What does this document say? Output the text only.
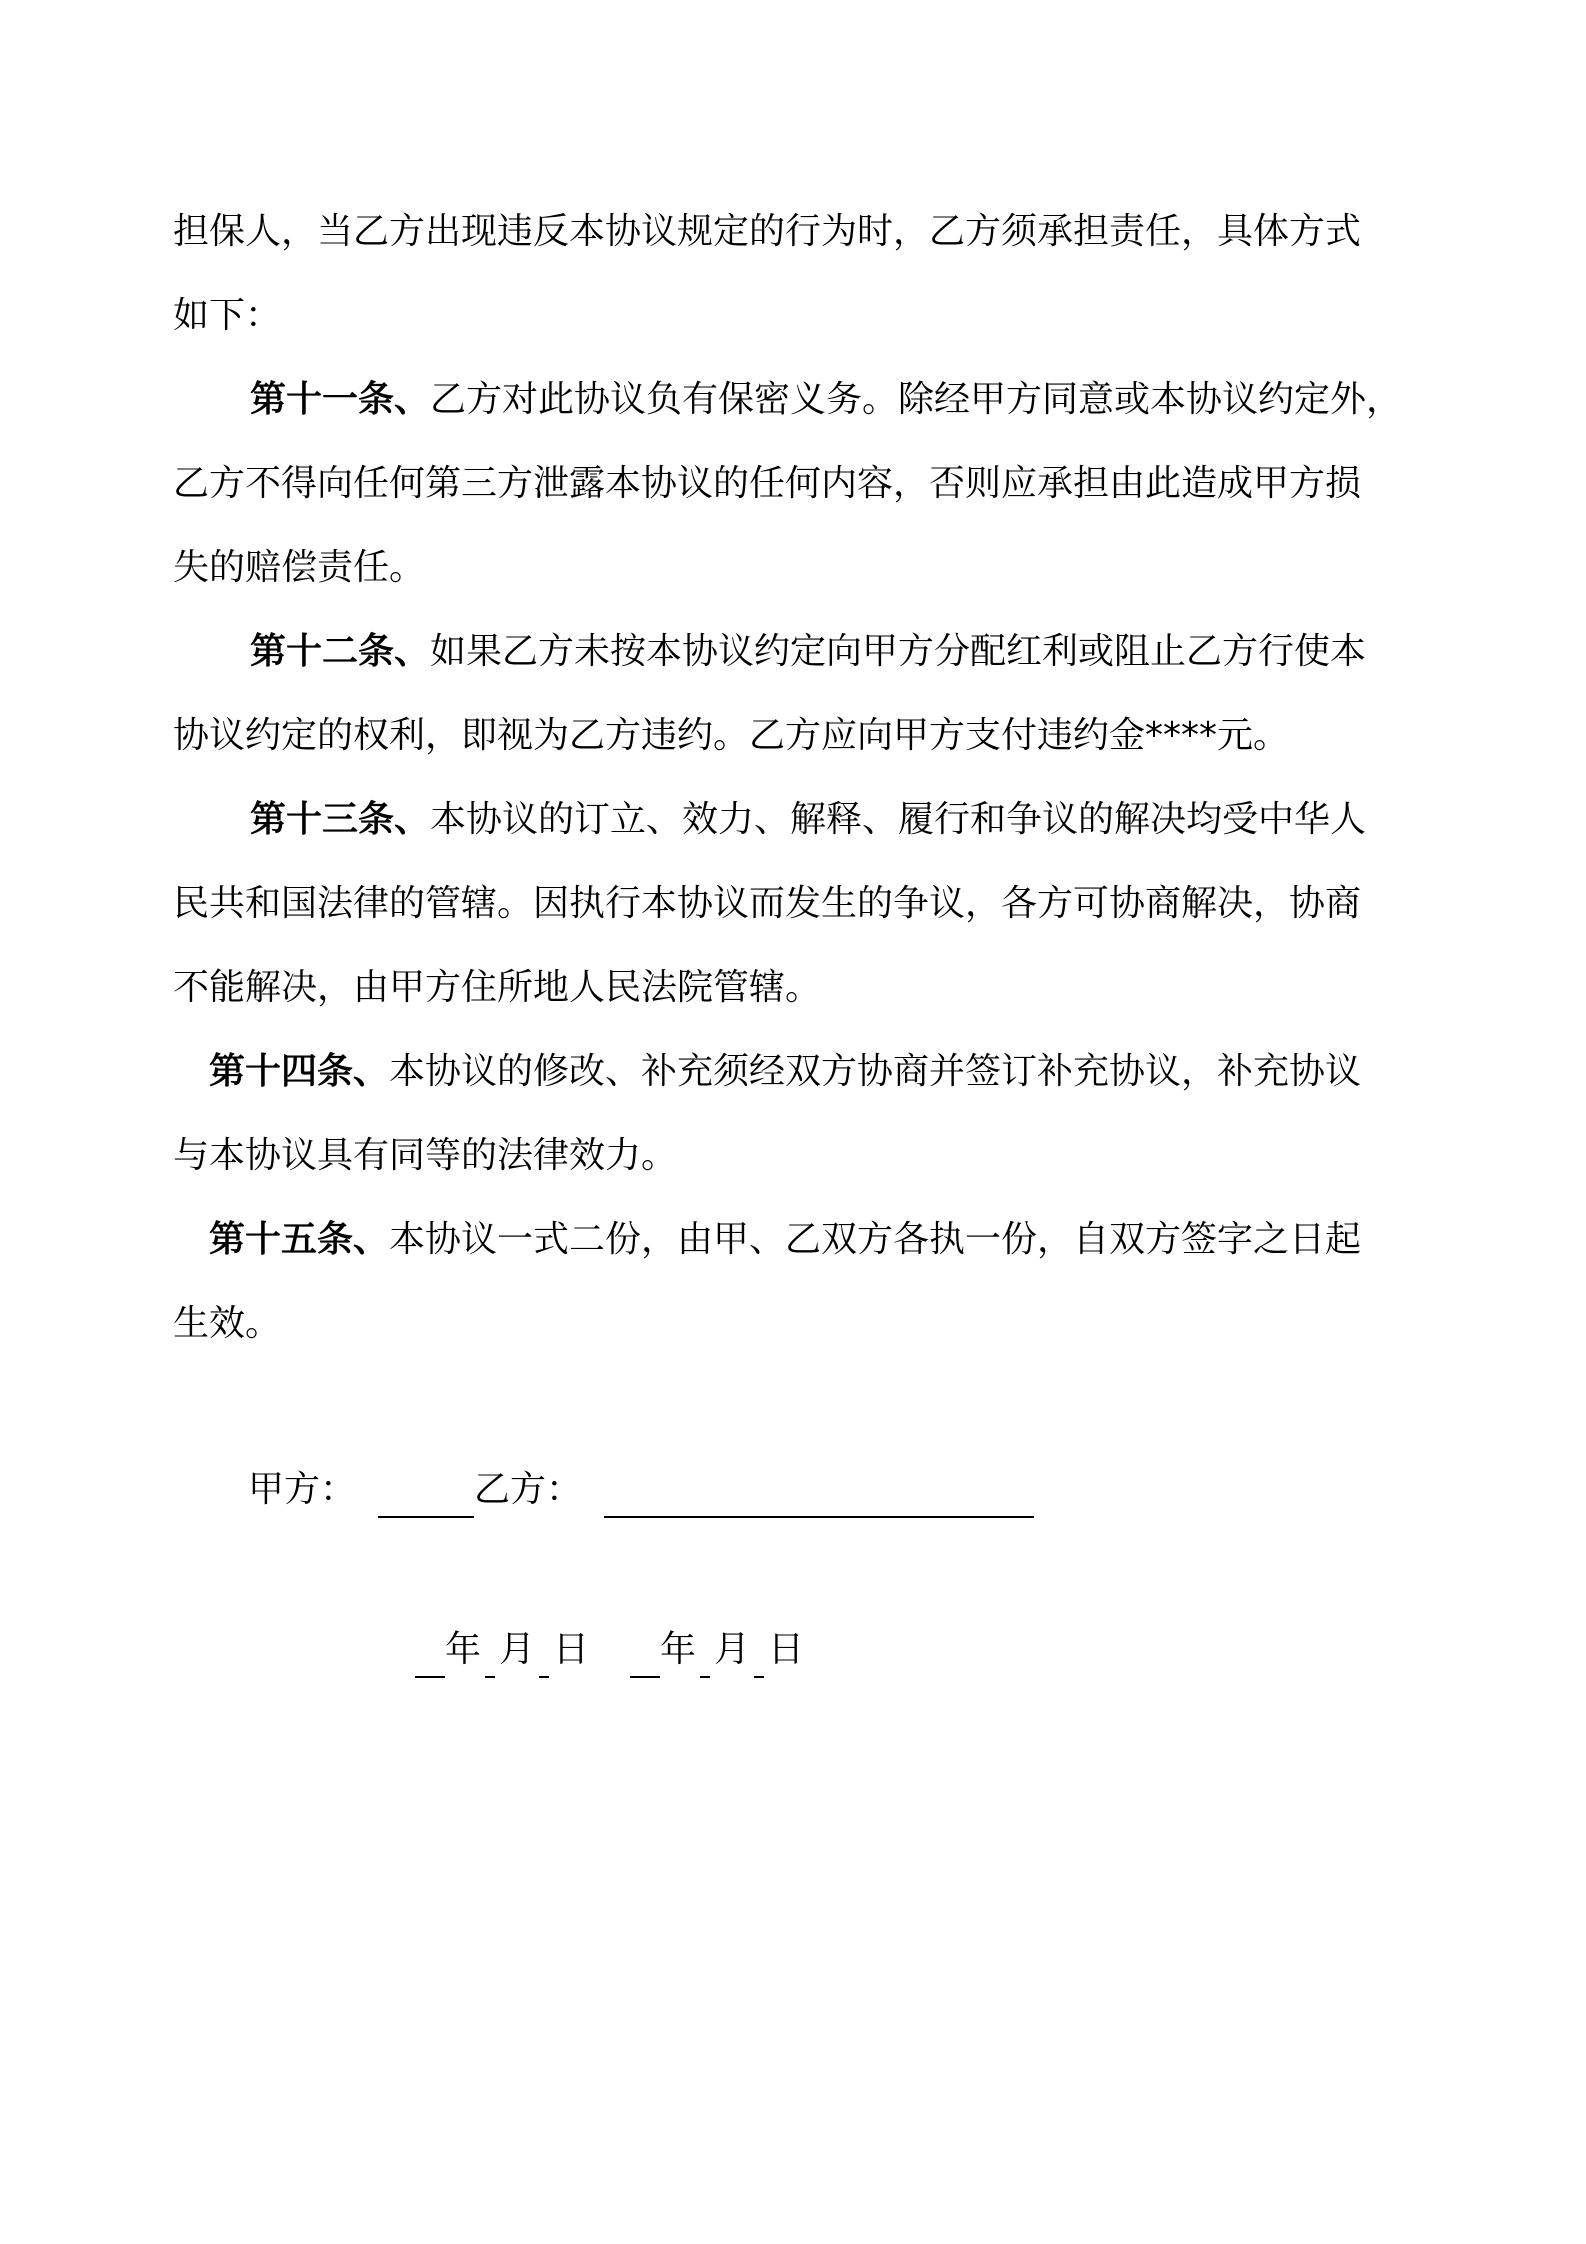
担保人，当乙方出现违反本协议规定的行为时，乙方须承担责任，具体方式
如下：

第十一条、乙方对此协议负有保密义务。除经甲方同意或本协议约定外，
乙方不得向任何第三方泄露本协议的任何内容，否则应承担由此造成甲方损
失的赔偿责任。

第十二条、如果乙方未按本协议约定向甲方分配红利或阻止乙方行使本
协议约定的权利，即视为乙方违约。乙方应向甲方支付违约金****元。

第十三条、本协议的订立、效力、解释、履行和争议的解决均受中华人
民共和国法律的管辖。因执行本协议而发生的争议，各方可协商解决，协商
不能解决，由甲方住所地人民法院管辖。

第十四条、本协议的修改、补充须经双方协商并签订补充协议，补充协议
与本协议具有同等的法律效力。

第十五条、本协议一式二份，由甲、乙双方各执一份，自双方签字之日起
生效。

甲方：	乙方：
年 月 日	年 月 日
